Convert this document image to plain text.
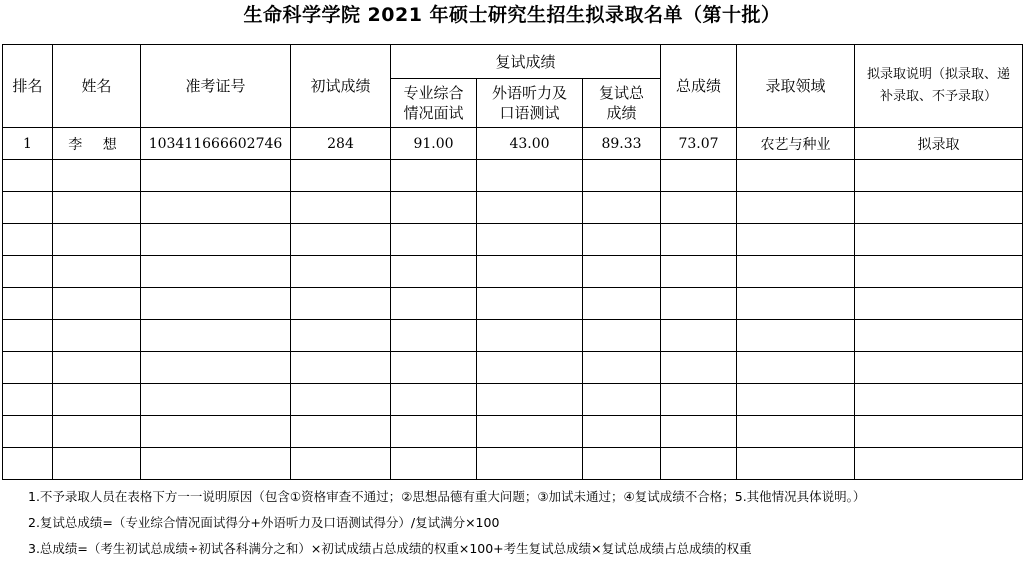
生命科学学院 2021 年硕士研究生招生拟录取名单（第十批）
排名	姓名	准考证号	初试成绩	复试成绩			总成绩	录取领域	拟录取说明（拟录取、递补录取、不予录取）
				专业综合情况面试	外语听力及口语测试	复试总成绩			
1	李 想	103411666602746	284	91.00	43.00	89.33	73.07	农艺与种业	拟录取

1.不予录取人员在表格下方一一说明原因（包含①资格审查不通过；②思想品德有重大问题；③加试未通过；④复试成绩不合格；5.其他情况具体说明。）
2.复试总成绩=（专业综合情况面试得分+外语听力及口语测试得分）/复试满分×100
3.总成绩=（考生初试总成绩÷初试各科满分之和）×初试成绩占总成绩的权重×100+考生复试总成绩×复试总成绩占总成绩的权重
